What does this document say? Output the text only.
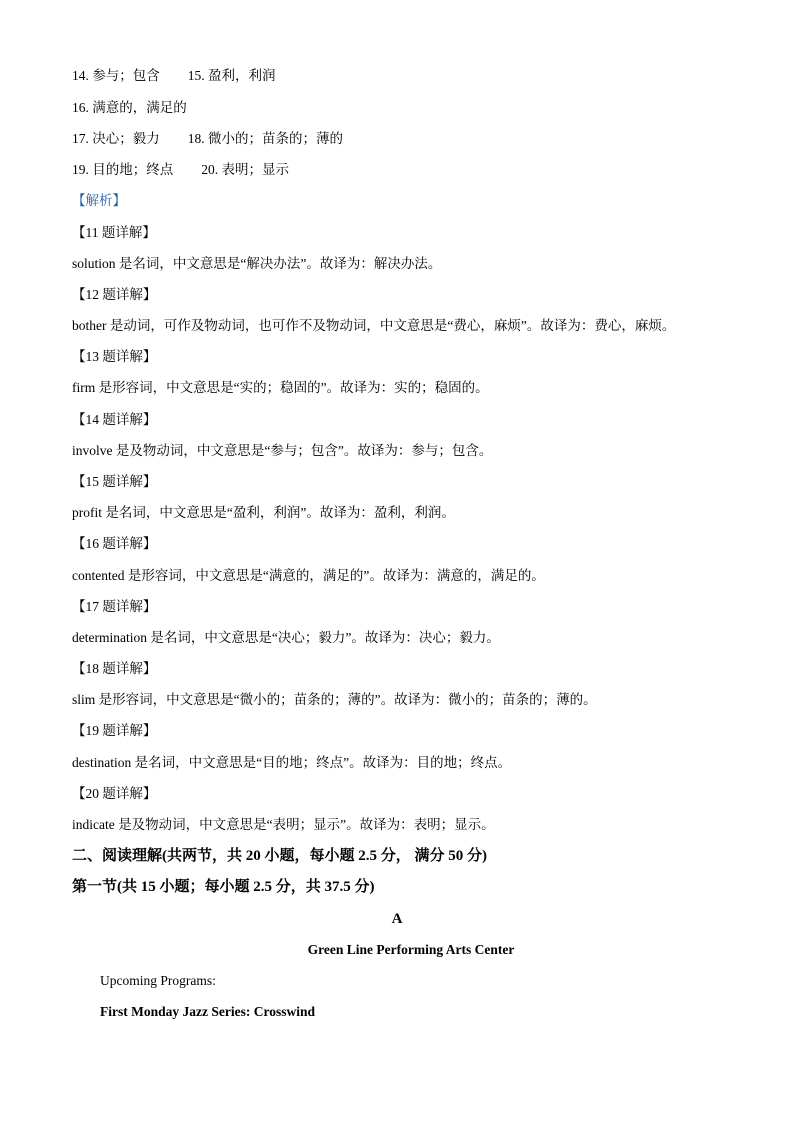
14. 参与；包含 15. 盈利，利润
16. 满意的，满足的
17. 决心；毅力 18. 微小的；苗条的；薄的
19. 目的地；终点 20. 表明；显示
【解析】
【11 题详解】
solution 是名词，中文意思是“解决办法”。故译为：解决办法。
【12 题详解】
bother 是动词，可作及物动词，也可作不及物动词，中文意思是“费心，麻烦”。故译为：费心，麻烦。
【13 题详解】
firm 是形容词，中文意思是“实的；稳固的”。故译为：实的；稳固的。
【14 题详解】
involve 是及物动词，中文意思是“参与；包含”。故译为：参与；包含。
【15 题详解】
profit 是名词，中文意思是“盈利，利润”。故译为：盈利，利润。
【16 题详解】
contented 是形容词，中文意思是“满意的，满足的”。故译为：满意的，满足的。
【17 题详解】
determination 是名词，中文意思是“决心；毅力”。故译为：决心；毅力。
【18 题详解】
slim 是形容词，中文意思是“微小的；苗条的；薄的”。故译为：微小的；苗条的；薄的。
【19 题详解】
destination 是名词，中文意思是“目的地；终点”。故译为：目的地；终点。
【20 题详解】
indicate 是及物动词，中文意思是“表明；显示”。故译为：表明；显示。
二、阅读理解(共两节，共 20 小题，每小题 2.5 分， 满分 50 分)
第一节(共 15 小题；每小题 2.5 分，共 37.5 分)
A
Green Line Performing Arts Center
Upcoming Programs:
First Monday Jazz Series: Crosswind
